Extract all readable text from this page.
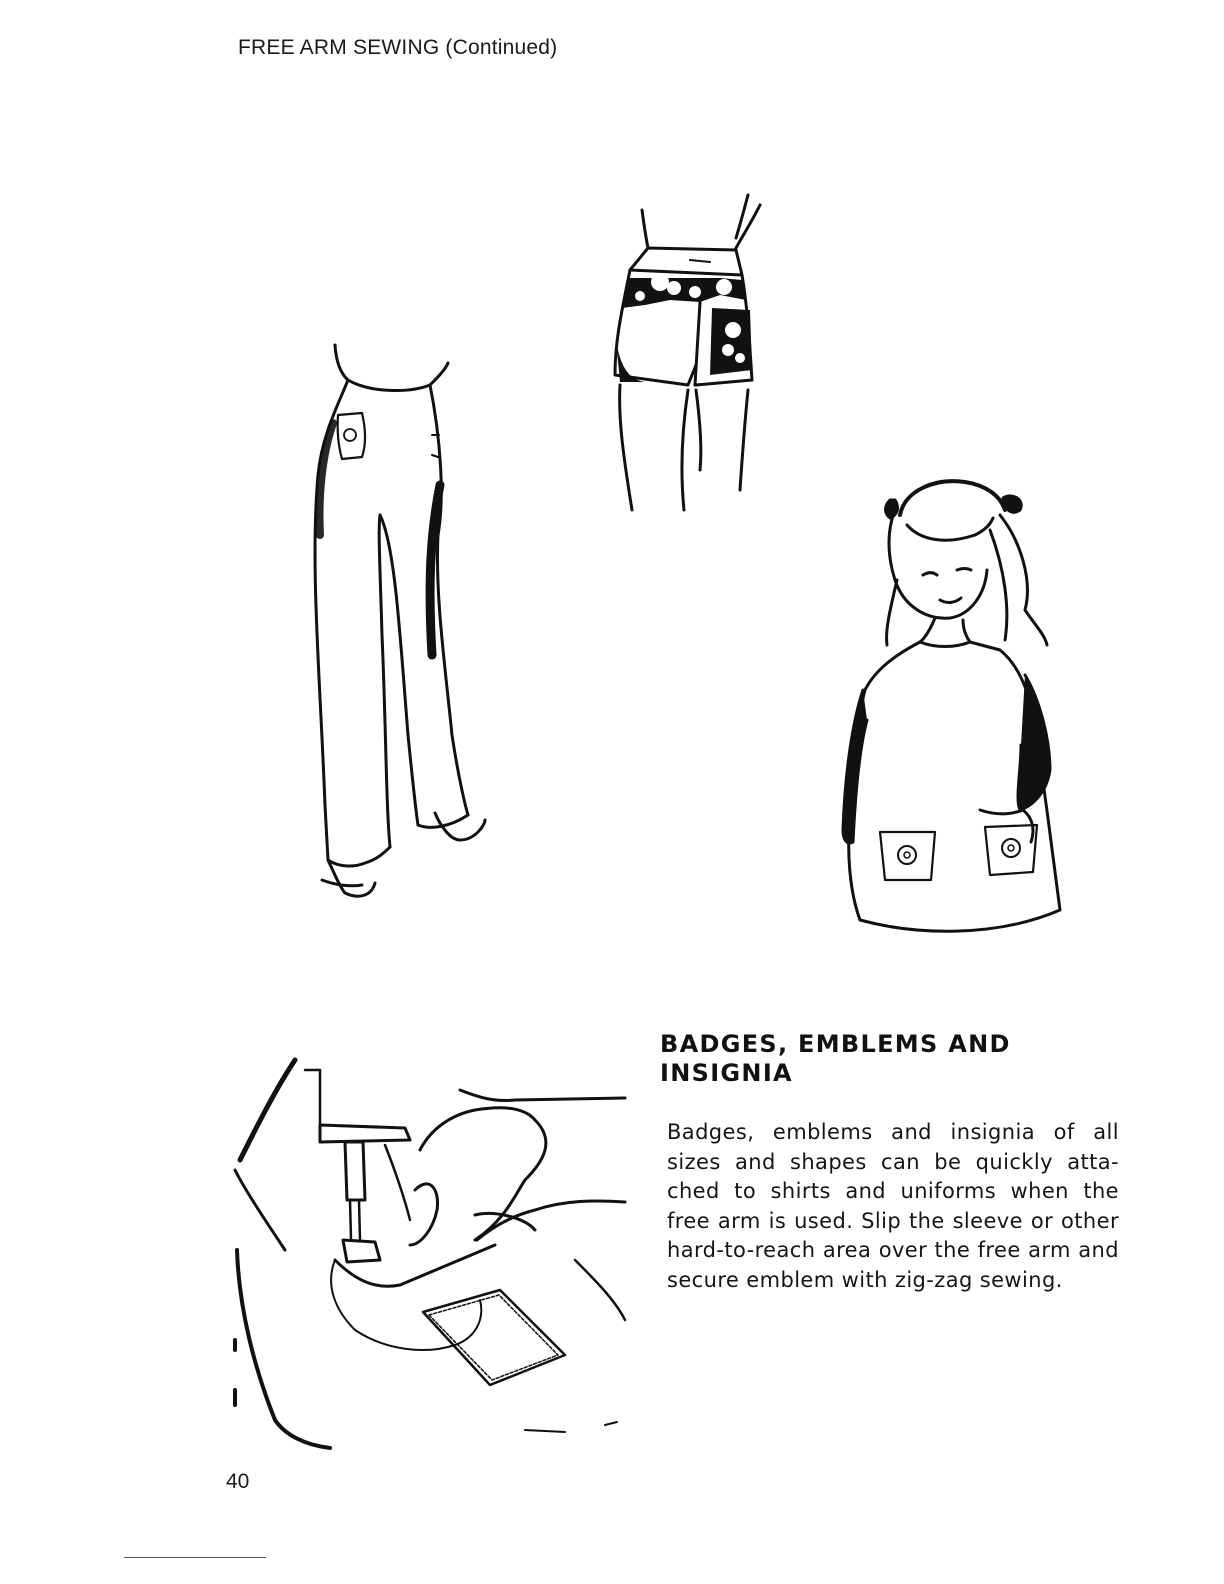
FREE ARM SEWING (Continued)
BADGES, EMBLEMS AND INSIGNIA

Badges, emblems and insignia of all sizes and shapes can be quickly atta-ched to shirts and uniforms when the free arm is used. Slip the sleeve or other hard-to-reach area over the free arm and secure emblem with zig-zag sewing.

40
